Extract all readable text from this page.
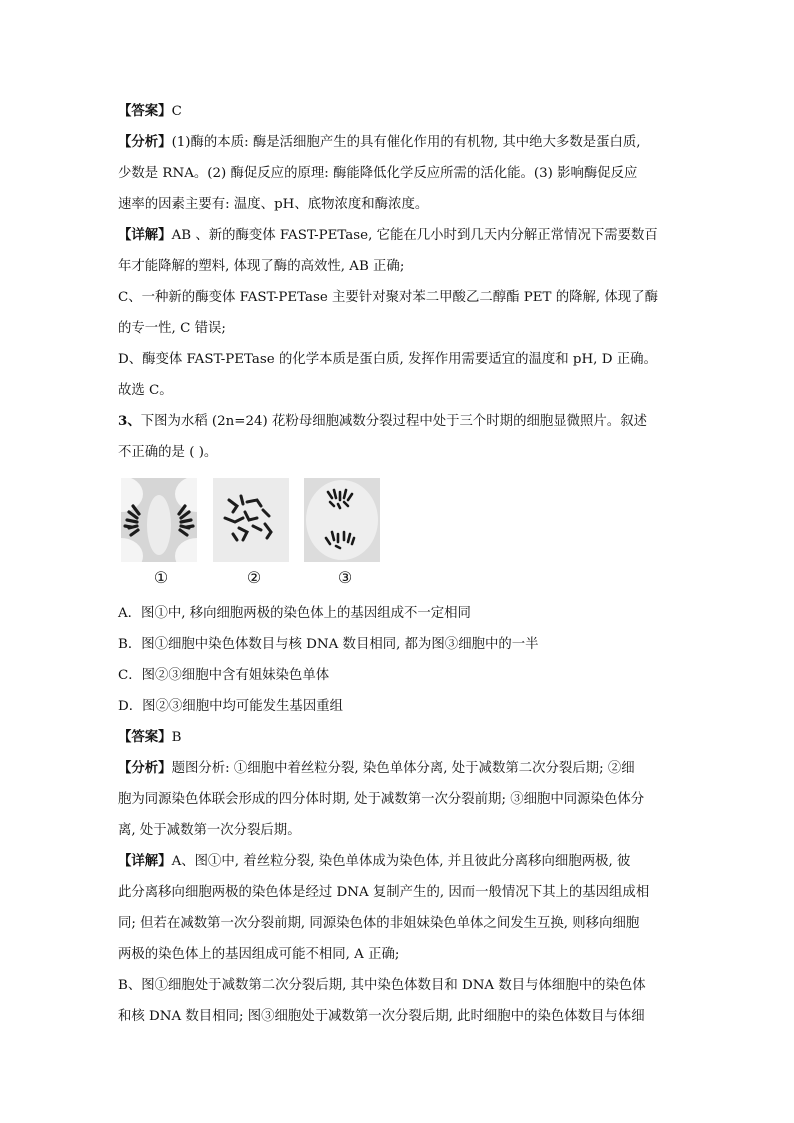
【答案】C

【分析】(1)酶的本质: 酶是活细胞产生的具有催化作用的有机物, 其中绝大多数是蛋白质,

少数是 RNA。(2) 酶促反应的原理: 酶能降低化学反应所需的活化能。(3) 影响酶促反应

速率的因素主要有: 温度、pH、底物浓度和酶浓度。

【详解】AB 、新的酶变体 FAST-PETase, 它能在几小时到几天内分解正常情况下需要数百

年才能降解的塑料, 体现了酶的高效性, AB 正确;

C、一种新的酶变体 FAST-PETase 主要针对聚对苯二甲酸乙二醇酯 PET 的降解, 体现了酶

的专一性, C 错误;

D、酶变体 FAST-PETase 的化学本质是蛋白质, 发挥作用需要适宜的温度和 pH, D 正确。

故选 C。

3、下图为水稻 (2n=24) 花粉母细胞减数分裂过程中处于三个时期的细胞显微照片。叙述

不正确的是 ( )。

①	②	③

A．图①中, 移向细胞两极的染色体上的基因组成不一定相同

B．图①细胞中染色体数目与核 DNA 数目相同, 都为图③细胞中的一半

C．图②③细胞中含有姐妹染色单体

D．图②③细胞中均可能发生基因重组

【答案】B

【分析】题图分析: ①细胞中着丝粒分裂, 染色单体分离, 处于减数第二次分裂后期; ②细

胞为同源染色体联会形成的四分体时期, 处于减数第一次分裂前期; ③细胞中同源染色体分

离, 处于减数第一次分裂后期。

【详解】A、图①中, 着丝粒分裂, 染色单体成为染色体, 并且彼此分离移向细胞两极, 彼

此分离移向细胞两极的染色体是经过 DNA 复制产生的, 因而一般情况下其上的基因组成相

同; 但若在减数第一次分裂前期, 同源染色体的非姐妹染色单体之间发生互换, 则移向细胞

两极的染色体上的基因组成可能不相同, A 正确;

B、图①细胞处于减数第二次分裂后期, 其中染色体数目和 DNA 数目与体细胞中的染色体

和核 DNA 数目相同; 图③细胞处于减数第一次分裂后期, 此时细胞中的染色体数目与体细
